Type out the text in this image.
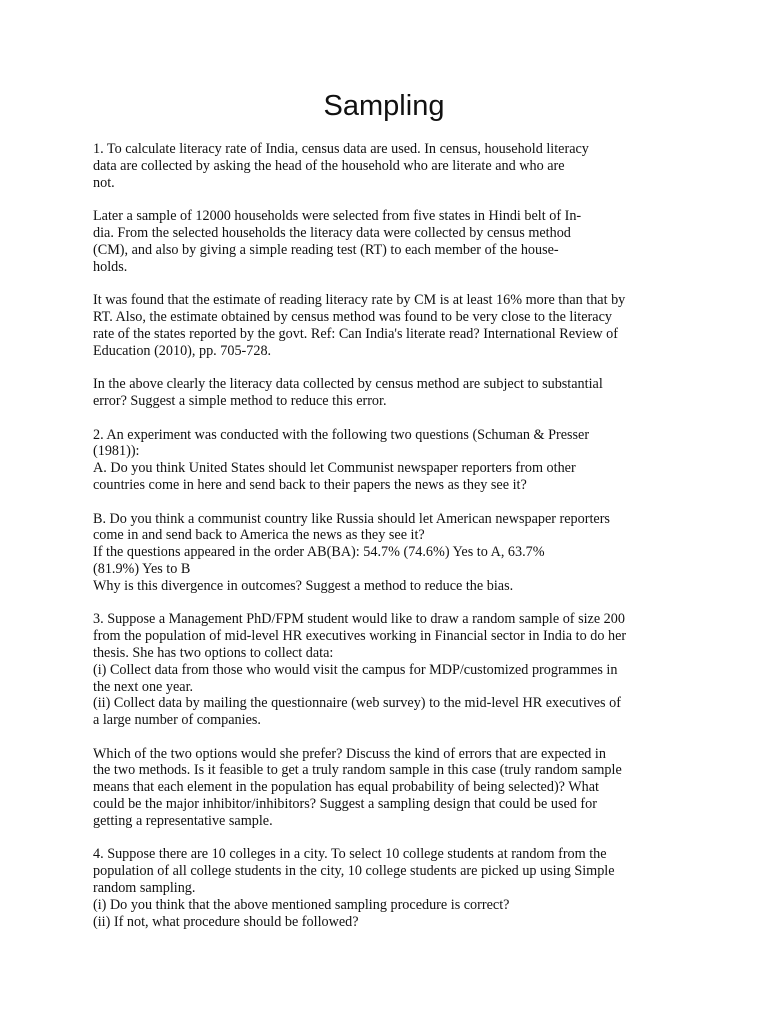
Sampling
1. To calculate literacy rate of India, census data are used. In census, household literacy
data are collected by asking the head of the household who are literate and who are
not.
Later a sample of 12000 households were selected from five states in Hindi belt of In-
dia. From the selected households the literacy data were collected by census method
(CM), and also by giving a simple reading test (RT) to each member of the house-
holds.
It was found that the estimate of reading literacy rate by CM is at least 16% more than that by
RT. Also, the estimate obtained by census method was found to be very close to the literacy
rate of the states reported by the govt. Ref: Can India's literate read? International Review of
Education (2010), pp. 705-728.
In the above clearly the literacy data collected by census method are subject to substantial
error? Suggest a simple method to reduce this error.
2. An experiment was conducted with the following two questions (Schuman & Presser
(1981)):
A. Do you think United States should let Communist newspaper reporters from other
countries come in here and send back to their papers the news as they see it?
B. Do you think a communist country like Russia should let American newspaper reporters
come in and send back to America the news as they see it?
If the questions appeared in the order AB(BA): 54.7% (74.6%) Yes to A, 63.7%
(81.9%) Yes to B
Why is this divergence in outcomes? Suggest a method to reduce the bias.
3. Suppose a Management PhD/FPM student would like to draw a random sample of size 200
from the population of mid-level HR executives working in Financial sector in India to do her
thesis. She has two options to collect data:
(i) Collect data from those who would visit the campus for MDP/customized programmes in
the next one year.
(ii) Collect data by mailing the questionnaire (web survey) to the mid-level HR executives of
a large number of companies.
Which of the two options would she prefer? Discuss the kind of errors that are expected in
the two methods. Is it feasible to get a truly random sample in this case (truly random sample
means that each element in the population has equal probability of being selected)? What
could be the major inhibitor/inhibitors? Suggest a sampling design that could be used for
getting a representative sample.
4. Suppose there are 10 colleges in a city. To select 10 college students at random from the
population of all college students in the city, 10 college students are picked up using Simple
random sampling.
(i) Do you think that the above mentioned sampling procedure is correct?
(ii) If not, what procedure should be followed?
